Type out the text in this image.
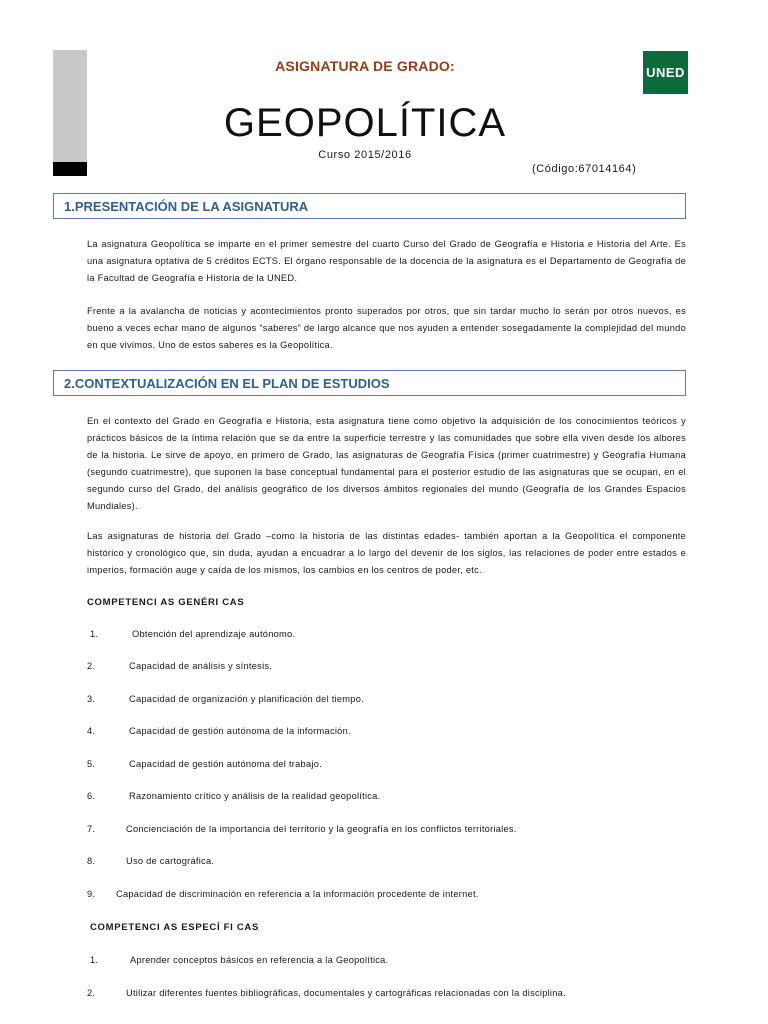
ASIGNATURA DE GRADO:	UNED
GEOPOLÍTICA
Curso 2015/2016
(Código:67014164)
1.PRESENTACIÓN DE LA ASIGNATURA

La asignatura Geopolítica se imparte en el primer semestre del cuarto Curso del Grado de Geografía e Historia e Historia del Arte. Es una asignatura optativa de 5 créditos ECTS. El órgano responsable de la docencia de la asignatura es el Departamento de Geografía de la Facultad de Geografía e Historia de la UNED.

Frente a la avalancha de noticias y acontecimientos pronto superados por otros, que sin tardar mucho lo serán por otros nuevos, es bueno a veces echar mano de algunos “saberes” de largo alcance que nos ayuden a entender sosegadamente la complejidad del mundo en que vivimos. Uno de estos saberes es la Geopolítica.

2.CONTEXTUALIZACIÓN EN EL PLAN DE ESTUDIOS

En el contexto del Grado en Geografía e Historia, esta asignatura tiene como objetivo la adquisición de los conocimientos teóricos y prácticos básicos de la íntima relación que se da entre la superficie terrestre y las comunidades que sobre ella viven desde los albores de la historia. Le sirve de apoyo, en primero de Grado, las asignaturas de Geografía Física (primer cuatrimestre) y Geografía Humana (segundo cuatrimestre), que suponen la base conceptual fundamental para el posterior estudio de las asignaturas que se ocupan, en el segundo curso del Grado, del análisis geográfico de los diversos ámbitos regionales del mundo (Geografía de los Grandes Espacios Mundiales).

Las asignaturas de historia del Grado –como la historia de las distintas edades- también aportan a la Geopolítica el componente histórico y cronológico que, sin duda, ayudan a encuadrar a lo largo del devenir de los siglos, las relaciones de poder entre estados e imperios, formación auge y caída de los mismos, los cambios en los centros de poder, etc.

COMPETENCI AS GENÉRI CAS
1.	Obtención del aprendizaje autónomo.
2.	Capacidad de análisis y síntesis.
3.	Capacidad de organización y planificación del tiempo.
4.	Capacidad de gestión autónoma de la información.
5.	Capacidad de gestión autónoma del trabajo.
6.	Razonamiento crítico y análisis de la realidad geopolítica.
7.	Concienciación de la importancia del territorio y la geografía en los conflictos territoriales.
8.	Uso de cartográfica.
9. Capacidad de discriminación en referencia a la información procedente de internet.
COMPETENCI AS ESPECÍ FI CAS
1.	Aprender conceptos básicos en referencia a la Geopolítica.
2.	Utilizar diferentes fuentes bibliográficas, documentales y cartográficas relacionadas con la disciplina.
